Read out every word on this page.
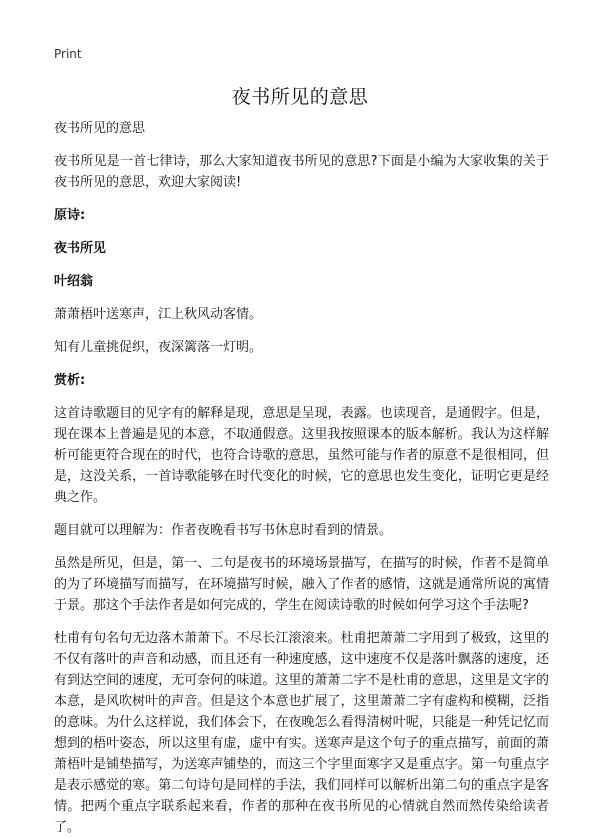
Print
夜书所见的意思

夜书所见的意思

夜书所见是一首七律诗，那么大家知道夜书所见的意思?下面是小编为大家收集的关于夜书所见的意思，欢迎大家阅读!

原诗:

夜书所见

叶绍翁

萧萧梧叶送寒声，江上秋风动客情。

知有儿童挑促织，夜深篱落一灯明。

赏析:

这首诗歌题目的见字有的解释是现，意思是呈现，表露。也读现音，是通假字。但是，现在课本上普遍是见的本意，不取通假意。这里我按照课本的版本解析。我认为这样解析可能更符合现在的时代，也符合诗歌的意思，虽然可能与作者的原意不是很相同，但是，这没关系，一首诗歌能够在时代变化的时候，它的意思也发生变化，证明它更是经典之作。

题目就可以理解为：作者夜晚看书写书休息时看到的情景。

虽然是所见，但是，第一、二句是夜书的环境场景描写，在描写的时候，作者不是简单的为了环境描写而描写，在环境描写时候，融入了作者的感情，这就是通常所说的寓情于景。那这个手法作者是如何完成的，学生在阅读诗歌的时候如何学习这个手法呢?

杜甫有句名句无边落木萧萧下。不尽长江滚滚来。杜甫把萧萧二字用到了极致，这里的不仅有落叶的声音和动感，而且还有一种速度感，这中速度不仅是落叶飘落的速度，还有到达空间的速度，无可奈何的味道。这里的萧萧二字不是杜甫的意思，这里是文字的本意，是风吹树叶的声音。但是这个本意也扩展了，这里萧萧二字有虚构和模糊，泛指的意味。为什么这样说，我们体会下，在夜晚怎么看得清树叶呢，只能是一种凭记忆而想到的梧叶姿态，所以这里有虚，虚中有实。送寒声是这个句子的重点描写，前面的萧萧梧叶是铺垫描写，为送寒声铺垫的，而这三个字里面寒字又是重点字。第一句重点字是表示感觉的寒。第二句诗句是同样的手法，我们同样可以解析出第二句的重点字是客情。把两个重点字联系起来看，作者的那种在夜书所见的心情就自然而然传染给读者了。
